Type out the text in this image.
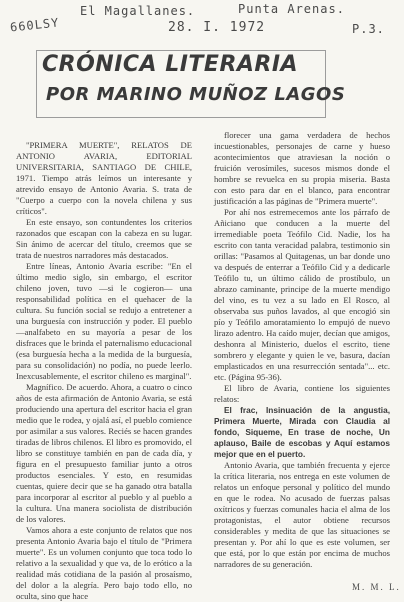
El Magallanes.	Punta Arenas.
660LSY	28. I. 1972	P.3.
CRÓNICA LITERARIA
POR MARINO MUÑOZ LAGOS

"PRIMERA MUERTE", RELATOS DE ANTONIO AVARIA, EDITORIAL UNIVERSITARIA, SANTIAGO DE CHILE, 1971. Tiempo atrás leímos un interesante y atrevido ensayo de Antonio Avaria. S. trata de "Cuerpo a cuerpo con la novela chilena y sus críticos".

En este ensayo, son contundentes los criterios razonados que escapan con la cabeza en su lugar. Sin ánimo de acercar del título, creemos que se trata de nuestros narradores más destacados.

Entre líneas, Antonio Avaria escribe: "En el último medio siglo, sin embargo, el escritor chileno joven, tuvo —si le cogieron— una responsabilidad política en el quehacer de la cultura. Su función social se redujo a entretener a una burguesía con instrucción y poder. El pueblo —analfabeto en su mayoría a pesar de los disfraces que le brinda el paternalismo educacional (esa burguesía hecha a la medida de la burguesía, para su consolidación) no podía, no puede leerlo. Inexcusablemente, el escritor chileno es marginal".

Magnífico. De acuerdo. Ahora, a cuatro o cinco años de esta afirmación de Antonio Avaria, se está produciendo una apertura del escritor hacia el gran medio que le rodea, y ojalá así, el pueblo comience por asimilar a sus valores. Reciés se hacen grandes tiradas de libros chilenos. El libro es promovido, el libro se constituye también en pan de cada día, y figura en el presupuesto familiar junto a otros productos esenciales. Y esto, en resumidas cuentas, quiere decir que se ha ganado otra batalla para incorporar al escritor al pueblo y al pueblo a la cultura. Una manera sociolista de distribución de los valores.

Vamos ahora a este conjunto de relatos que nos presenta Antonio Avaria bajo el título de "Primera muerte". Es un volumen conjunto que toca todo lo relativo a la sexualidad y que va, de lo erótico a la realidad más cotidiana de la pasión al prosaísmo, del dolor a la alegría. Pero bajo todo ello, no oculta, sino que hace

florecer una gama verdadera de hechos incuestionables, personajes de carne y hueso acontecimientos que atraviesan la noción o fruición verosímiles, sucesos mismos donde el hombre se revuelca en su propia miseria. Basta con esto para dar en el blanco, para encontrar justificación a las páginas de "Primera muerte".

Por ahí nos estremecemos ante los párrafo de Añiciano que conducen a la muerte del irremediable poeta Teófilo Cid. Nadie, los ha escrito con tanta veracidad palabra, testimonio sin orillas: "Pasamos al Quitagenas, un bar donde uno va después de enterrar a Teófilo Cid y a dedicarle Teófilo tu, un último cálido de prostíbulo, un abrazo caminante, principe de la muerte mendigo del vino, es tu vez a su lado en El Rosco, al observaba sus puños lavados, al que encogió sin pío y Teófilo amoratamiento lo empujó de nuevo lirazo adentro. Ha caído mujer, decían que amigos, deshonra al Ministerio, duelos el escrito, tiene sombrero y elegante y quien le ve, basura, dacían emplasticados en una resurrección sentada"... etc. etc. (Página 95-36).

El libro de Avaria, contiene los siguientes relatos:

El frac, Insinuación de la angustia, Primera Muerte, Mirada con Claudia al fondo, Siqueme, En trase de noche, Un aplauso, Baile de escobas y Aquí estamos mejor que en el puerto.

Antonio Avaria, que también frecuenta y ejerce la crítica literaria, nos entrega en este volumen de relatos un enfoque personal y político del mundo en que le rodea. No acusado de fuerzas palsas oxítricos y fuerzas comunales hacia el alma de los protagonistas, el autor obtiene recursos considerables y medita de que las situaciones se presentan y. Por ahí lo que es este volumen, ser que está, por lo que están por encima de muchos narradores de su generación.

M. M. L.
